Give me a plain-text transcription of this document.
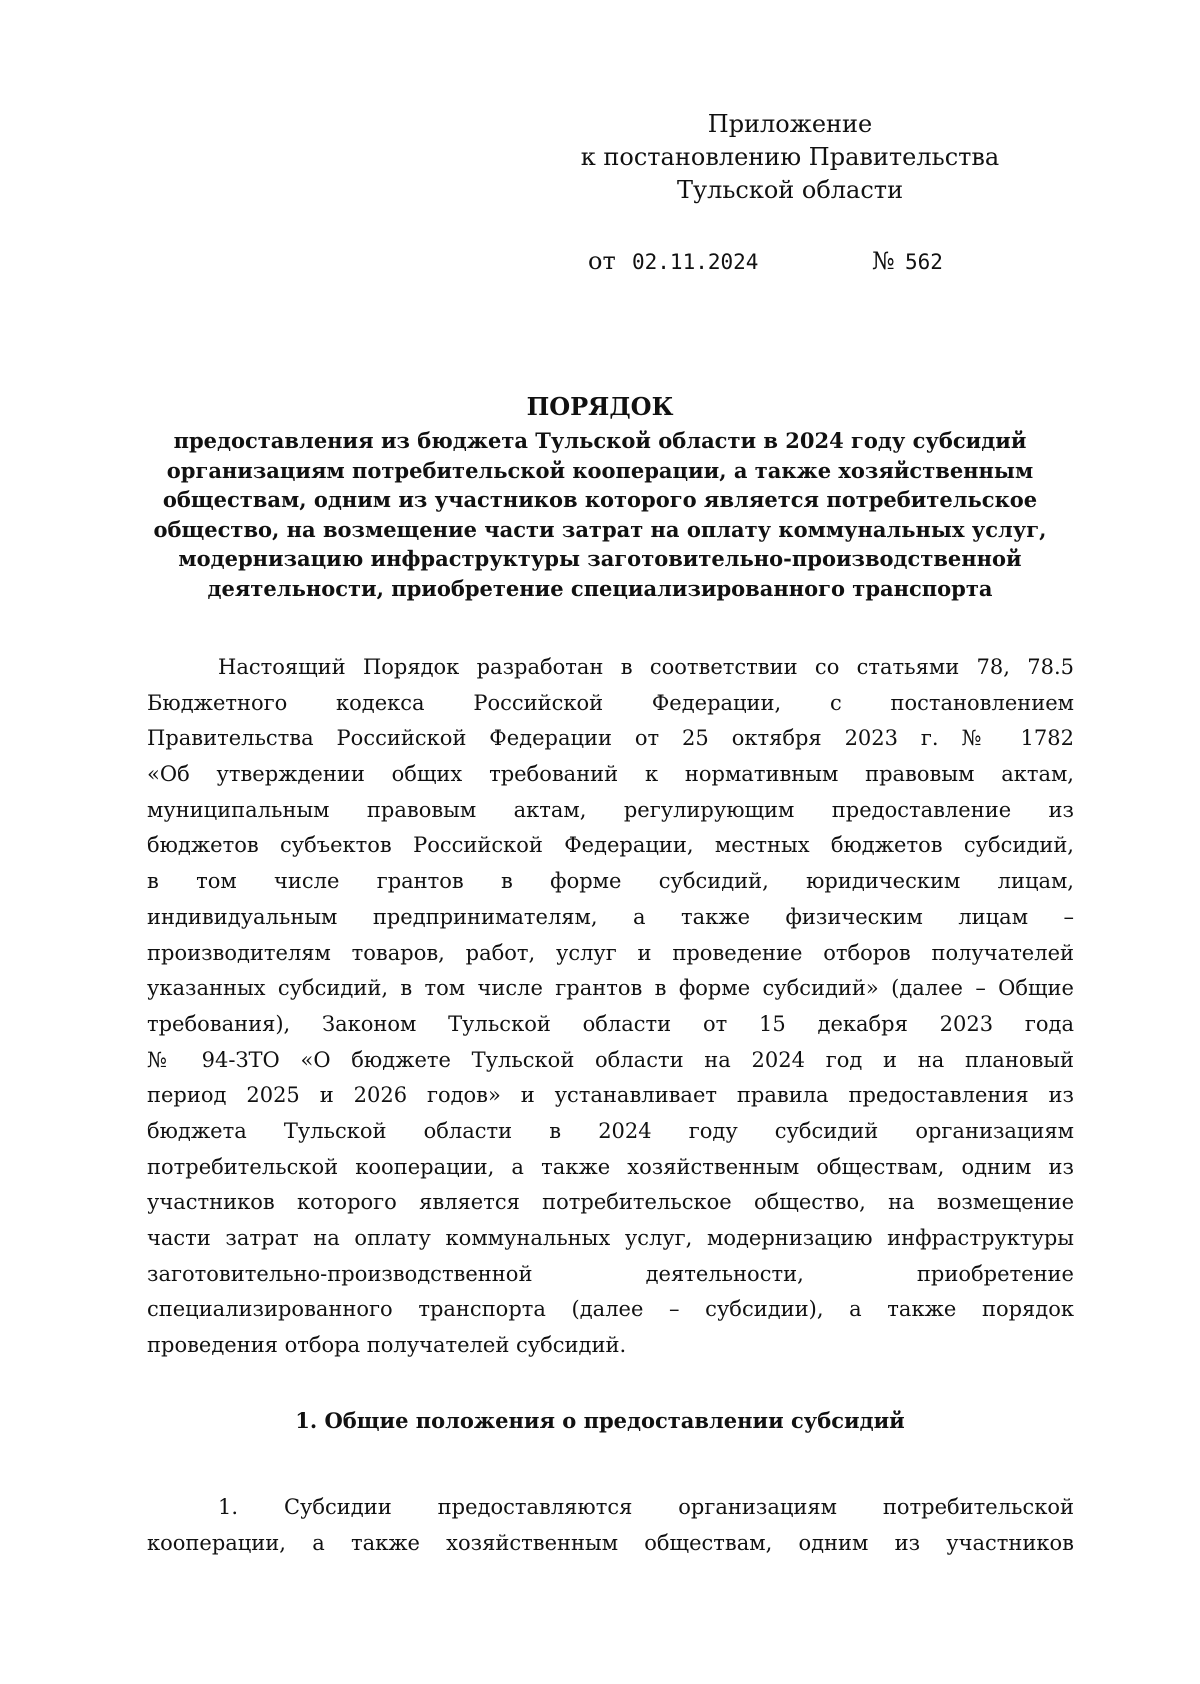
Приложение
к постановлению Правительства
Тульской области
от 02.11.2024	№ 562
ПОРЯДОК
предоставления из бюджета Тульской области в 2024 году субсидий
организациям потребительской кооперации, а также хозяйственным
обществам, одним из участников которого является потребительское
общество, на возмещение части затрат на оплату коммунальных услуг,
модернизацию инфраструктуры заготовительно-производственной
деятельности, приобретение специализированного транспорта
Настоящий Порядок разработан в соответствии со статьями 78, 78.5
Бюджетного кодекса Российской Федерации, с постановлением
Правительства Российской Федерации от 25 октября 2023 г. № 1782
«Об утверждении общих требований к нормативным правовым актам,
муниципальным правовым актам, регулирующим предоставление из
бюджетов субъектов Российской Федерации, местных бюджетов субсидий,
в том числе грантов в форме субсидий, юридическим лицам,
индивидуальным предпринимателям, а также физическим лицам –
производителям товаров, работ, услуг и проведение отборов получателей
указанных субсидий, в том числе грантов в форме субсидий» (далее – Общие
требования), Законом Тульской области от 15 декабря 2023 года
№ 94-ЗТО «О бюджете Тульской области на 2024 год и на плановый
период 2025 и 2026 годов» и устанавливает правила предоставления из
бюджета Тульской области в 2024 году субсидий организациям
потребительской кооперации, а также хозяйственным обществам, одним из
участников которого является потребительское общество, на возмещение
части затрат на оплату коммунальных услуг, модернизацию инфраструктуры
заготовительно-производственной деятельности, приобретение
специализированного транспорта (далее – субсидии), а также порядок
проведения отбора получателей субсидий.
1. Общие положения о предоставлении субсидий
1. Субсидии предоставляются организациям потребительской
кооперации, а также хозяйственным обществам, одним из участников
